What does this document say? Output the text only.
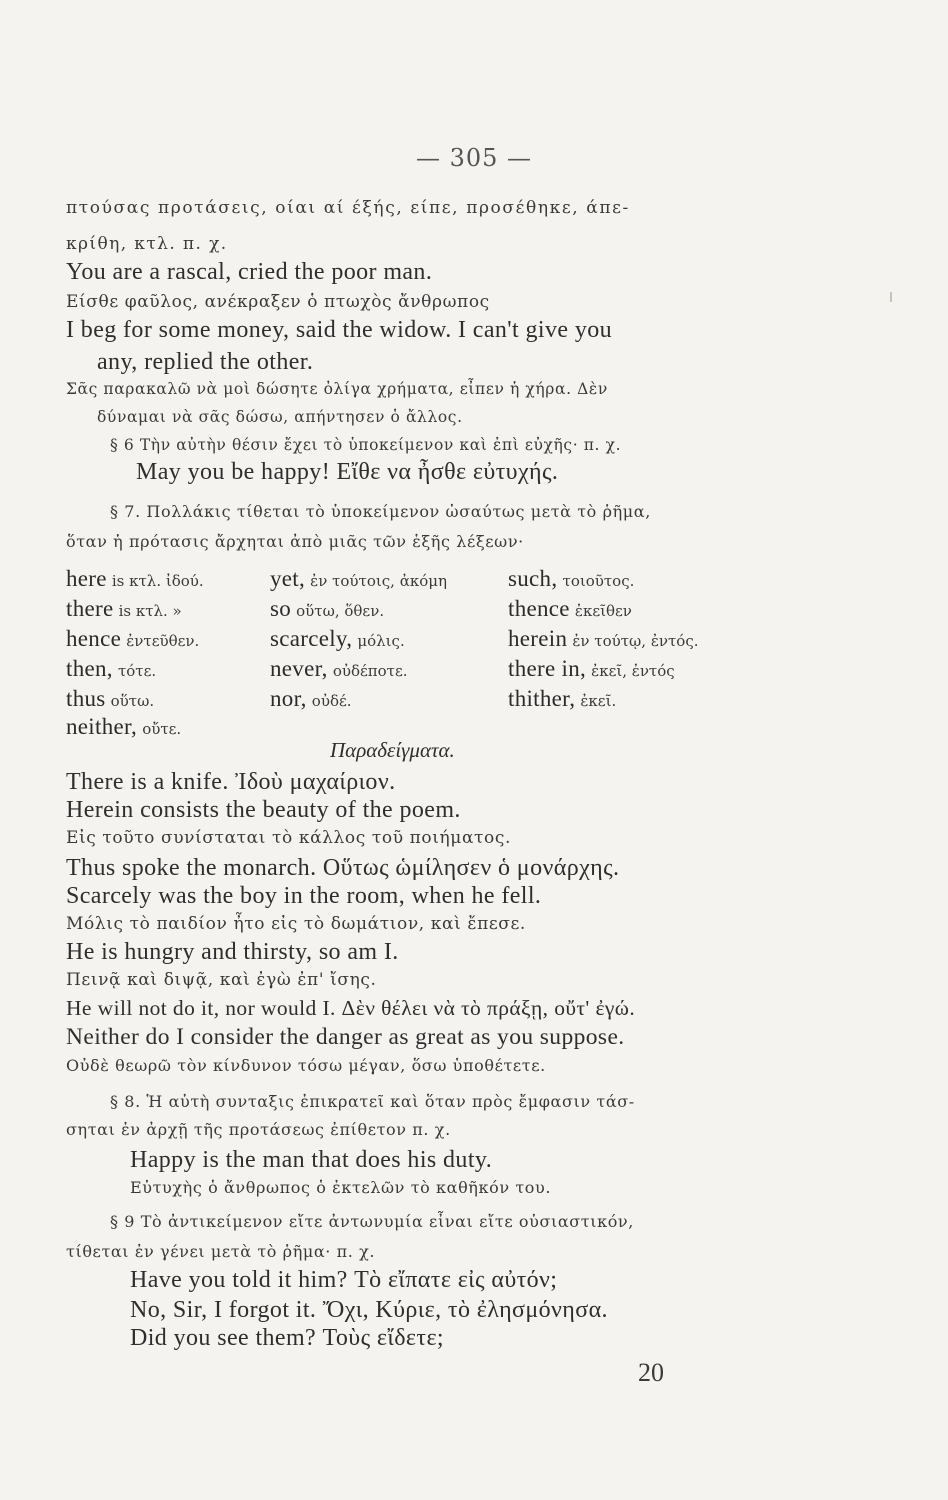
— 305 —
πτούσας προτάσεις, οίαι αί έξής, είπε, προσέθηκε, άπε-
κρίθη, κτλ. π. χ.
You are a rascal, cried the poor man.
Είσθε φαῦλος, ανέκραξεν ὁ πτωχὸς ἄνθρωπος
I beg for some money, said the widow. I can't give you
any, replied the other.
Σᾶς παρακαλῶ νὰ μοὶ δώσητε ὀλίγα χρήματα, εἶπεν ἡ χήρα. Δὲν
δύναμαι νὰ σᾶς δώσω, απήντησεν ὁ ἄλλος.
§ 6 Τὴν αὐτὴν θέσιν ἔχει τὸ ὑποκείμενον καὶ ἐπὶ εὐχῆς· π. χ.
May you be happy! Εἴθε να ἦσθε εὐτυχής.
§ 7. Πολλάκις τίθεται τὸ ὑποκείμενον ὡσαύτως μετὰ τὸ ῥῆμα,
ὅταν ἡ πρότασις ἄρχηται ἀπὸ μιᾶς τῶν ἑξῆς λέξεων·
here is κτλ. ἰδού.
there is κτλ. »
hence ἐντεῦθεν.
then, τότε.
thus οὕτω.
neither, οὔτε.
yet, ἐν τούτοις, ἀκόμη
so οὕτω, ὅθεν.
scarcely, μόλις.
never, οὐδέποτε.
nor, οὐδέ.
such, τοιοῦτος.
thence ἐκεῖθεν
herein ἐν τούτῳ, ἐντός.
there in, ἐκεῖ, ἐντός
thither, ἐκεῖ.
Παραδείγματα.
There is a knife. Ἰδοὺ μαχαίριον.
Herein consists the beauty of the poem.
Εἰς τοῦτο συνίσταται τὸ κάλλος τοῦ ποιήματος.
Thus spoke the monarch. Οὕτως ὡμίλησεν ὁ μονάρχης.
Scarcely was the boy in the room, when he fell.
Μόλις τὸ παιδίον ἦτο εἰς τὸ δωμάτιον, καὶ ἔπεσε.
He is hungry and thirsty, so am I.
Πεινᾷ καὶ διψᾷ, καὶ ἐγὼ ἐπ' ἴσης.
He will not do it, nor would I. Δὲν θέλει νὰ τὸ πράξῃ, οὔτ' ἐγώ.
Neither do I consider the danger as great as you suppose.
Οὐδὲ θεωρῶ τὸν κίνδυνον τόσω μέγαν, ὅσω ὑποθέτετε.
§ 8. Ἡ αὐτὴ συνταξις ἐπικρατεῖ καὶ ὅταν πρὸς ἔμφασιν τάσ-
σηται ἐν ἀρχῇ τῆς προτάσεως ἐπίθετον π. χ.
Happy is the man that does his duty.
Εὐτυχὴς ὁ ἄνθρωπος ὁ ἐκτελῶν τὸ καθῆκόν του.
§ 9 Τὸ ἀντικείμενον εἴτε ἀντωνυμία εἶναι εἴτε οὐσιαστικόν,
τίθεται ἐν γένει μετὰ τὸ ῥῆμα· π. χ.
Have you told it him? Τὸ εἴπατε εἰς αὐτόν;
No, Sir, I forgot it. Ὄχι, Κύριε, τὸ ἐλησμόνησα.
Did you see them? Τοὺς εἴδετε;
20
